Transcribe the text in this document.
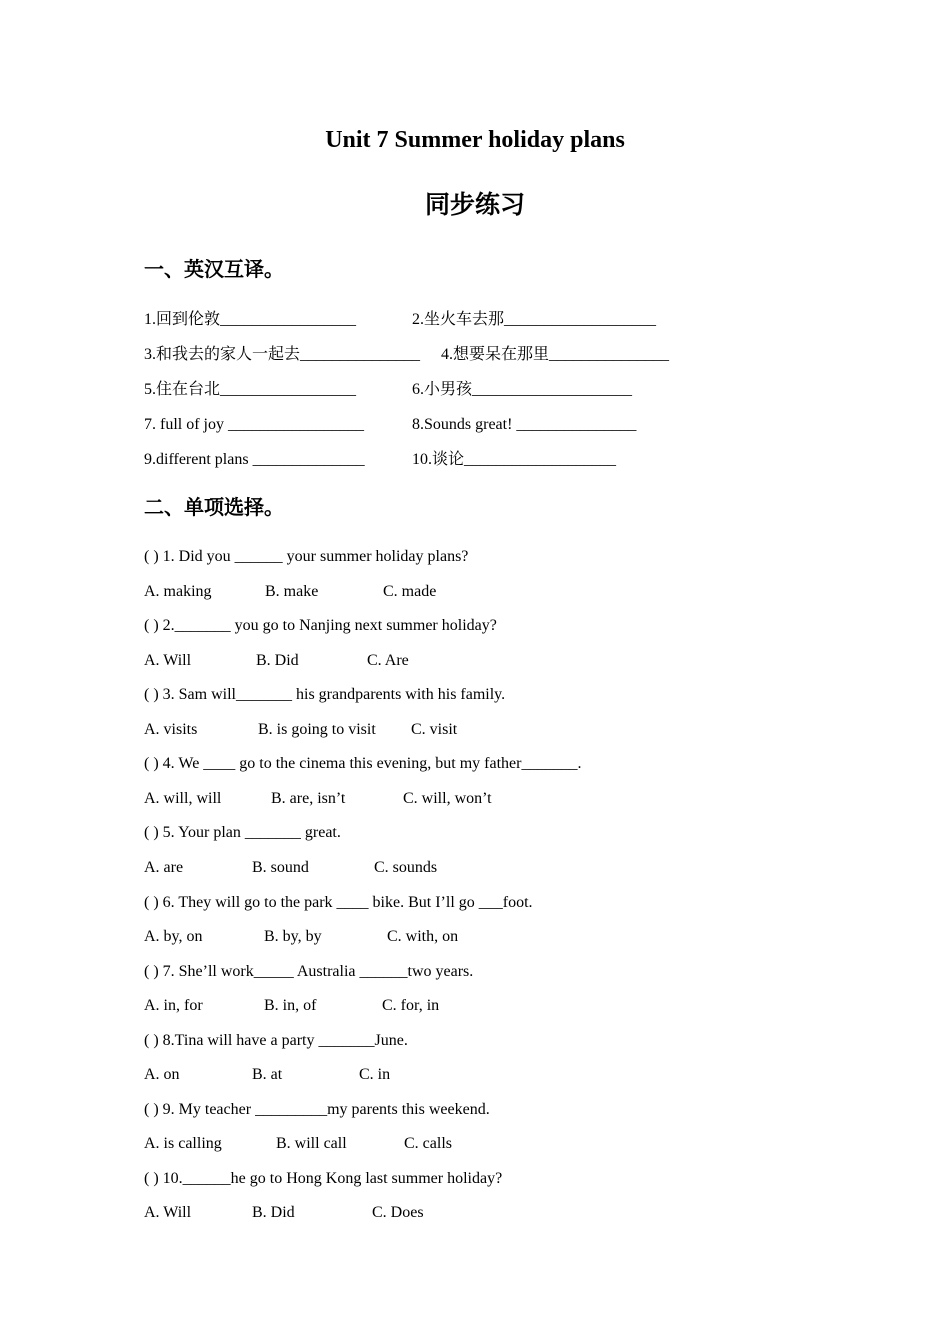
Unit 7 Summer holiday plans
同步练习
一、英汉互译。
1.回到伦敦_________________	2.坐火车去那___________________
3.和我去的家人一起去_______________ 4.想要呆在那里_______________
5.住在台北_________________	6.小男孩____________________
7. full of joy _________________	8.Sounds great! _______________
9.different plans ______________	10.谈论___________________
二、单项选择。
( ) 1. Did you ______ your summer holiday plans?
A. making	B. make	C. made
( ) 2._______ you go to Nanjing next summer holiday?
A. Will	B. Did	C. Are
( ) 3. Sam will_______ his grandparents with his family.
A. visits	B. is going to visit C. visit
( ) 4. We ____ go to the cinema this evening, but my father_______.
A. will, will	B. are, isn’t	C. will, won’t
( ) 5. Your plan _______ great.
A. are	B. sound	C. sounds
( ) 6. They will go to the park ____ bike. But I’ll go ___foot.
A. by, on	B. by, by	C. with, on
( ) 7. She’ll work_____ Australia ______two years.
A. in, for	B. in, of	C. for, in
( ) 8.Tina will have a party _______June.
A. on	B. at	C. in
( ) 9. My teacher _________my parents this weekend.
A. is calling	B. will call	C. calls
( ) 10.______he go to Hong Kong last summer holiday?
A. Will	B. Did	C. Does
